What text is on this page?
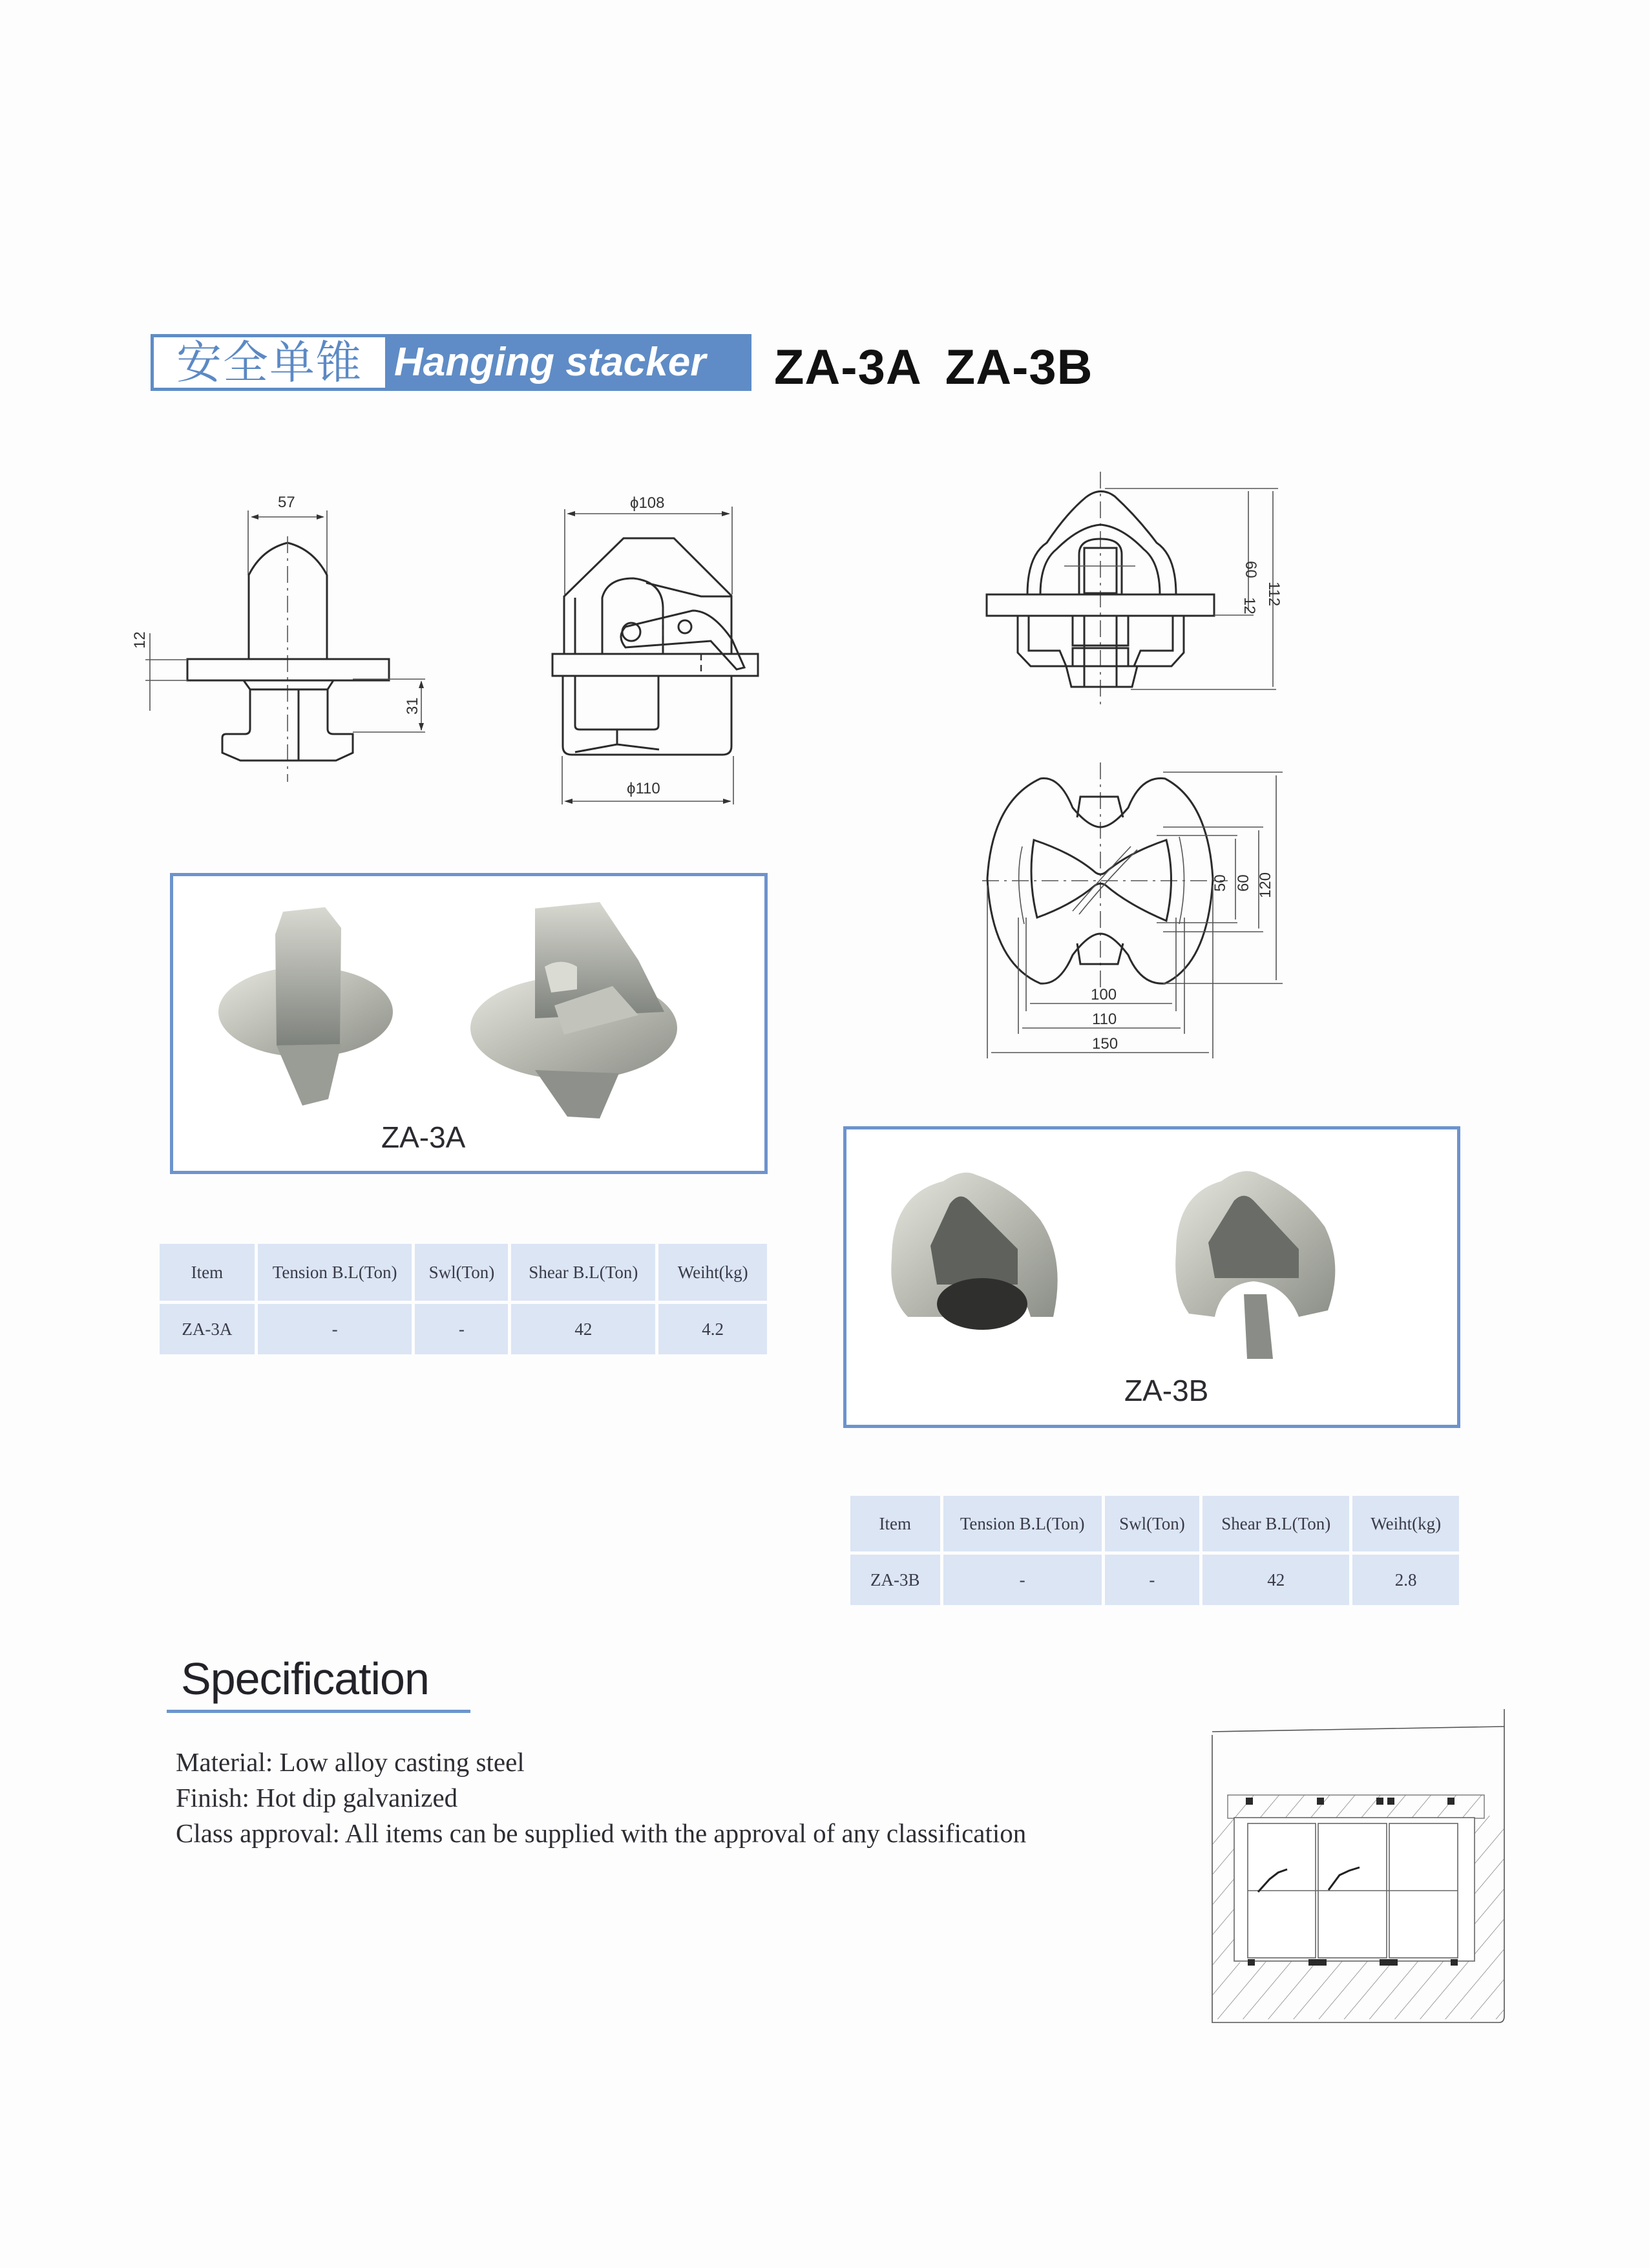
安全单锥 Hanging stacker	ZA-3A ZA-3B
57
12
31
ϕ108
ϕ110
60
12 112
100
110
150
50 60 120
ZA-3A
Item	Tension B.L(Ton)	Swl(Ton)	Shear B.L(Ton)	Weiht(kg)
ZA-3A	-	-	42	4.2
ZA-3B
Item	Tension B.L(Ton)	Swl(Ton)	Shear B.L(Ton)	Weiht(kg)
ZA-3B	-	-	42	2.8
Specification
Material: Low alloy casting steel
Finish: Hot dip galvanized
Class approval: All items can be supplied with the approval of any classification
